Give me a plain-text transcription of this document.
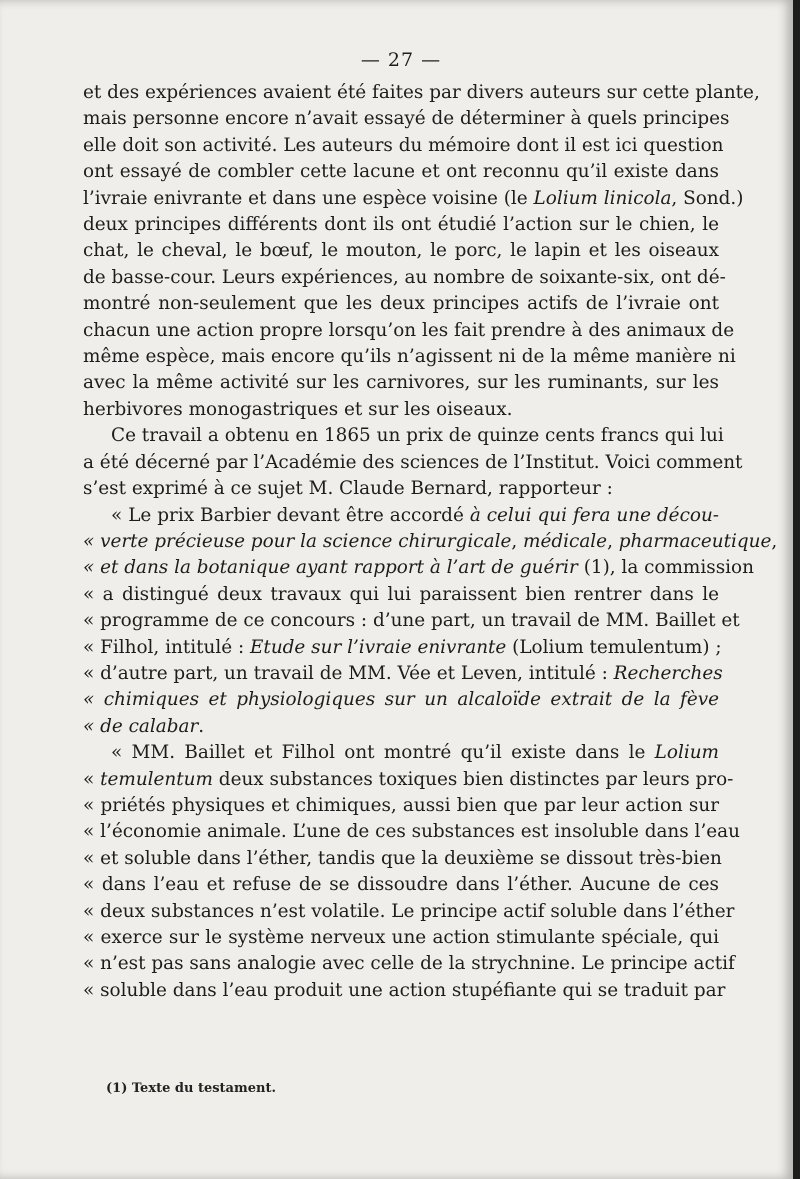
— 27 —
et des expériences avaient été faites par divers auteurs sur cette plante,
mais personne encore n’avait essayé de déterminer à quels principes
elle doit son activité. Les auteurs du mémoire dont il est ici question
ont essayé de combler cette lacune et ont reconnu qu’il existe dans
l’ivraie enivrante et dans une espèce voisine (le Lolium linicola, Sond.)
deux principes différents dont ils ont étudié l’action sur le chien, le
chat, le cheval, le bœuf, le mouton, le porc, le lapin et les oiseaux
de basse-cour. Leurs expériences, au nombre de soixante-six, ont dé-
montré non-seulement que les deux principes actifs de l’ivraie ont
chacun une action propre lorsqu’on les fait prendre à des animaux de
même espèce, mais encore qu’ils n’agissent ni de la même manière ni
avec la même activité sur les carnivores, sur les ruminants, sur les
herbivores monogastriques et sur les oiseaux.
Ce travail a obtenu en 1865 un prix de quinze cents francs qui lui
a été décerné par l’Académie des sciences de l’Institut. Voici comment
s’est exprimé à ce sujet M. Claude Bernard, rapporteur :
« Le prix Barbier devant être accordé à celui qui fera une décou-
« verte précieuse pour la science chirurgicale, médicale, pharmaceutique,
« et dans la botanique ayant rapport à l’art de guérir (1), la commission
« a distingué deux travaux qui lui paraissent bien rentrer dans le
« programme de ce concours : d’une part, un travail de MM. Baillet et
« Filhol, intitulé : Etude sur l’ivraie enivrante (Lolium temulentum) ;
« d’autre part, un travail de MM. Vée et Leven, intitulé : Recherches
« chimiques et physiologiques sur un alcaloïde extrait de la fève
« de calabar.
« MM. Baillet et Filhol ont montré qu’il existe dans le Lolium
« temulentum deux substances toxiques bien distinctes par leurs pro-
« priétés physiques et chimiques, aussi bien que par leur action sur
« l’économie animale. L’une de ces substances est insoluble dans l’eau
« et soluble dans l’éther, tandis que la deuxième se dissout très-bien
« dans l’eau et refuse de se dissoudre dans l’éther. Aucune de ces
« deux substances n’est volatile. Le principe actif soluble dans l’éther
« exerce sur le système nerveux une action stimulante spéciale, qui
« n’est pas sans analogie avec celle de la strychnine. Le principe actif
« soluble dans l’eau produit une action stupéfiante qui se traduit par
(1) Texte du testament.
